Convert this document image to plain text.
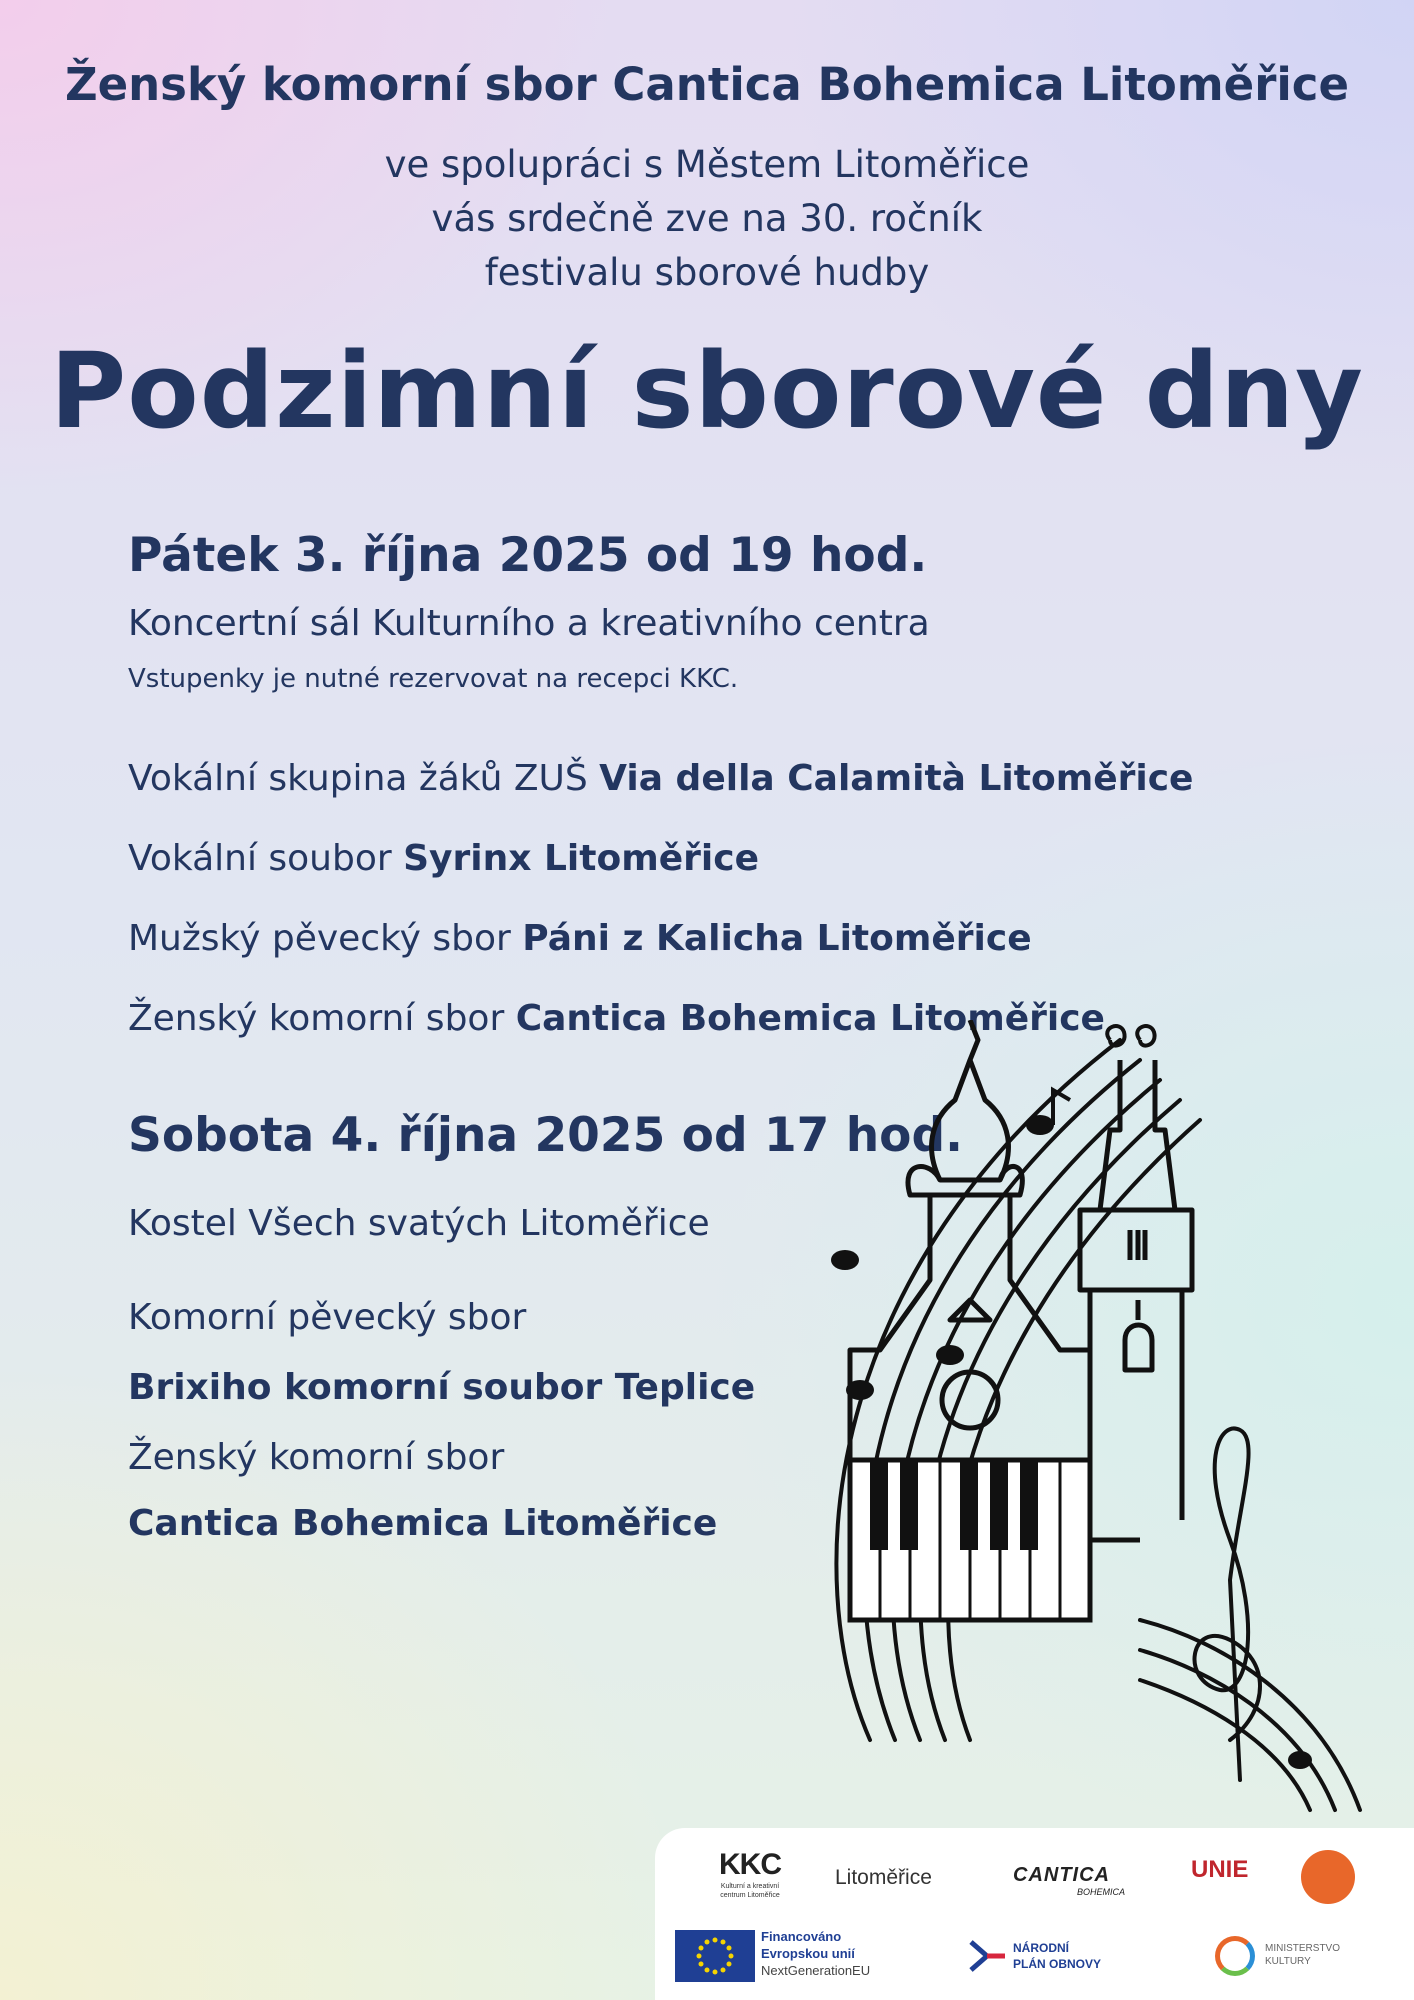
Ženský komorní sbor Cantica Bohemica Litoměřice
ve spolupráci s Městem Litoměřice
vás srdečně zve na 30. ročník
festivalu sborové hudby
Podzimní sborové dny
Pátek 3. října 2025 od 19 hod.
Koncertní sál Kulturního a kreativního centra
Vstupenky je nutné rezervovat na recepci KKC.
Vokální skupina žáků ZUŠ Via della Calamità Litoměřice
Vokální soubor Syrinx Litoměřice
Mužský pěvecký sbor Páni z Kalicha Litoměřice
Ženský komorní sbor Cantica Bohemica Litoměřice
Sobota 4. října 2025 od 17 hod.
Kostel Všech svatých Litoměřice
Komorní pěvecký sbor
Brixiho komorní soubor Teplice
Ženský komorní sbor
Cantica Bohemica Litoměřice
KKC
Kulturní a kreativní
centrum Litoměřice
Litoměřice	CANTICA
BOHEMICA
UNIE
Financováno
Evropskou unií
NextGenerationEU
NÁRODNÍ
PLÁN OBNOVY
MINISTERSTVO
KULTURY
